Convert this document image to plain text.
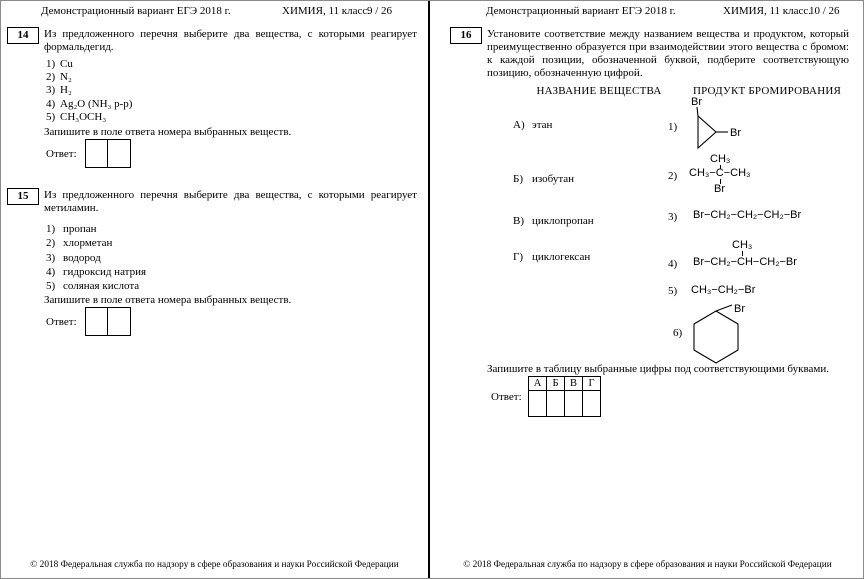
Демонстрационный вариант ЕГЭ 2018 г.	ХИМИЯ, 11 класс.
9 / 26
14	Из предложенного перечня выберите два вещества, с которыми реагирует формальдегид.
1) Cu
2) N₂
3) H₂
4) Ag₂O (NH₃ р-р)
5) CH₃OCH₃
Запишите в поле ответа номера выбранных веществ.
Ответ:
15	Из предложенного перечня выберите два вещества, с которыми реагирует метиламин.
1) пропан
2) хлорметан
3) водород
4) гидроксид натрия
5) соляная кислота
Запишите в поле ответа номера выбранных веществ.
Ответ:
© 2018 Федеральная служба по надзору в сфере образования и науки Российской Федерации
Демонстрационный вариант ЕГЭ 2018 г.	ХИМИЯ, 11 класс.
10 / 26
16	Установите соответствие между названием вещества и продуктом, который преимущественно образуется при взаимодействии этого вещества с бромом: к каждой позиции, обозначенной буквой, подберите соответствующую позицию, обозначенную цифрой.
НАЗВАНИЕ ВЕЩЕСТВА	ПРОДУКТ БРОМИРОВАНИЯ
А) этан
Б) изобутан
В) циклопропан
Г) циклогексан
1)
Br
Br
2)
CH₃
CH₃−C−CH₃
Br
3) Br−CH₂−CH₂−CH₂−Br
4)
CH₃
Br−CH₂−CH−CH₂−Br
5) CH₃−CH₂−Br
6)
Br
Запишите в таблицу выбранные цифры под соответствующими буквами.
Ответ:
А	Б	В	Г

© 2018 Федеральная служба по надзору в сфере образования и науки Российской Федерации
